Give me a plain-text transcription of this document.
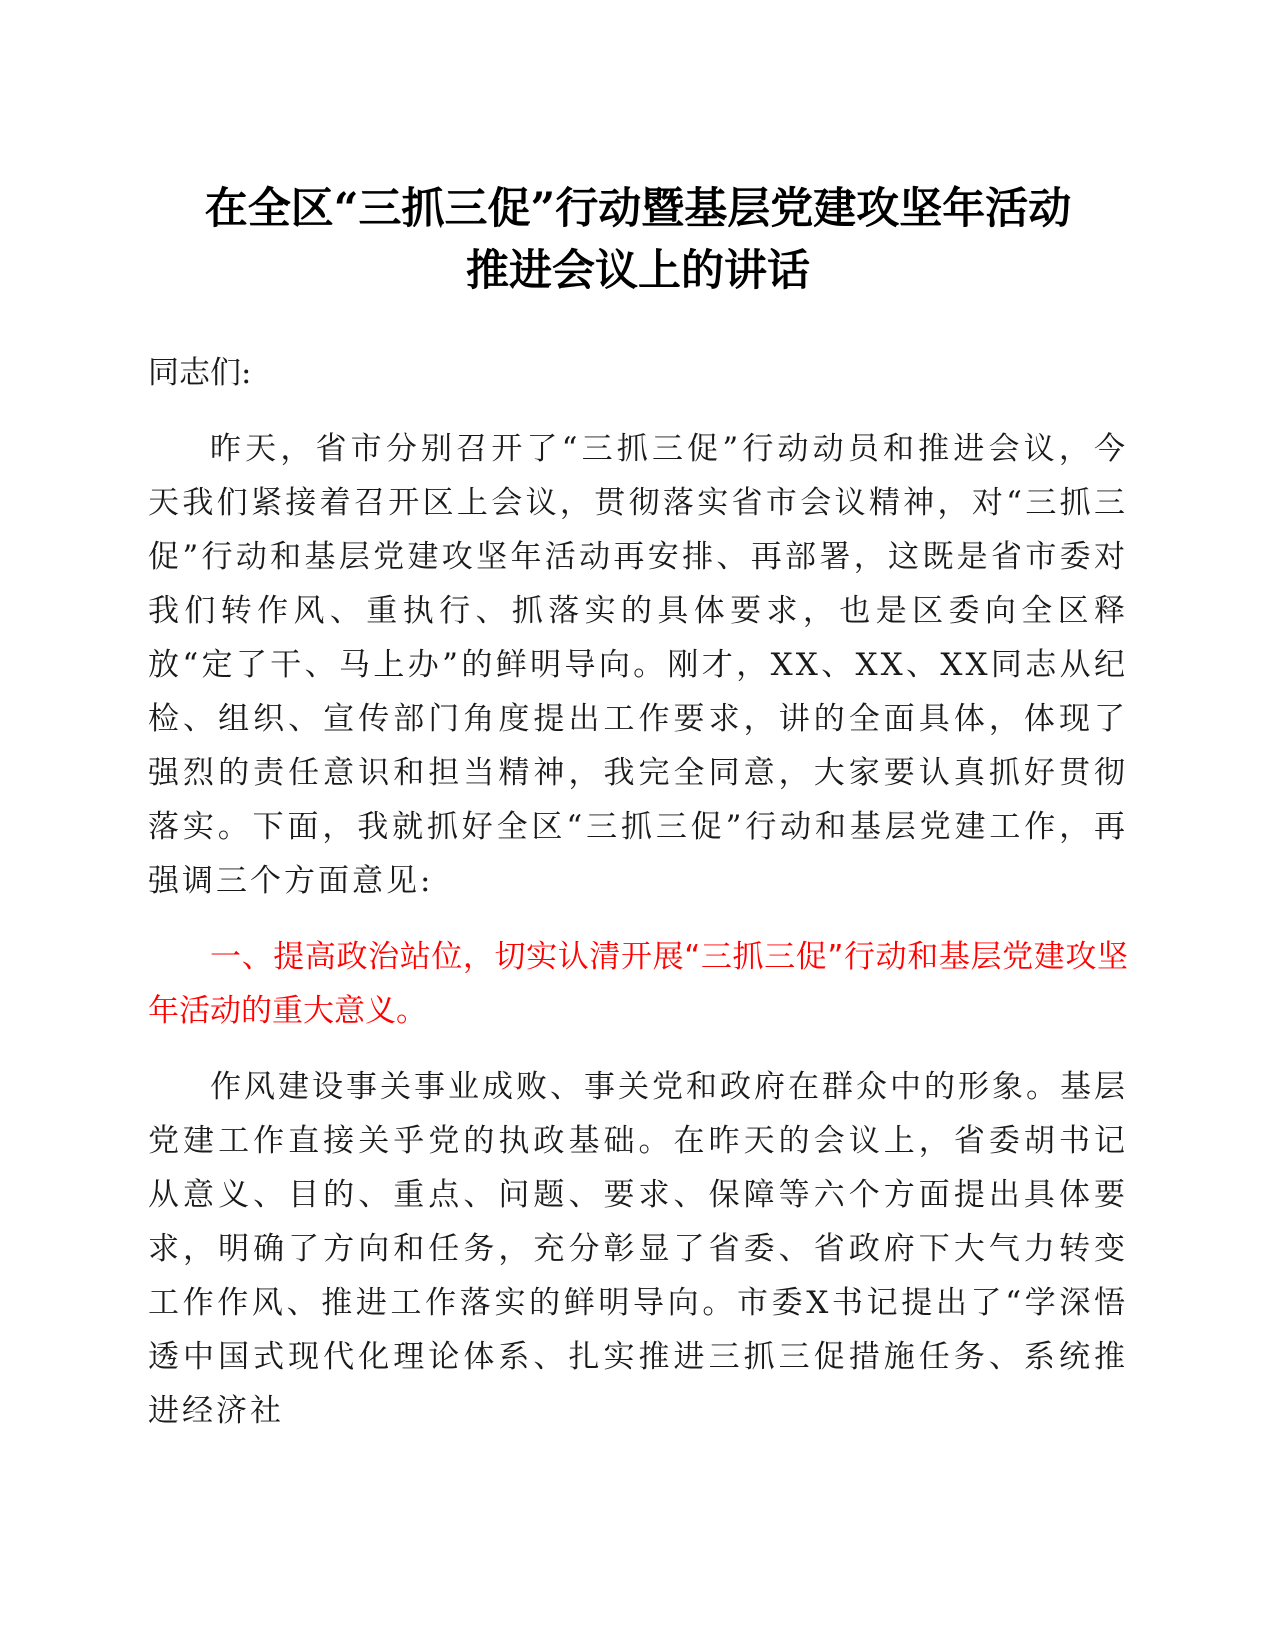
在全区“三抓三促”行动暨基层党建攻坚年活动
推进会议上的讲话

同志们:

昨天，省市分别召开了“三抓三促”行动动员和推进会议，今天我们紧接着召开区上会议，贯彻落实省市会议精神，对“三抓三促”行动和基层党建攻坚年活动再安排、再部署，这既是省市委对我们转作风、重执行、抓落实的具体要求，也是区委向全区释放“定了干、马上办”的鲜明导向。刚才，XX、XX、XX同志从纪检、组织、宣传部门角度提出工作要求，讲的全面具体，体现了强烈的责任意识和担当精神，我完全同意，大家要认真抓好贯彻落实。下面，我就抓好全区“三抓三促”行动和基层党建工作，再强调三个方面意见:

一、提高政治站位，切实认清开展“三抓三促”行动和基层党建攻坚年活动的重大意义。

作风建设事关事业成败、事关党和政府在群众中的形象。基层党建工作直接关乎党的执政基础。在昨天的会议上，省委胡书记从意义、目的、重点、问题、要求、保障等六个方面提出具体要求，明确了方向和任务，充分彰显了省委、省政府下大气力转变工作作风、推进工作落实的鲜明导向。市委X书记提出了“学深悟透中国式现代化理论体系、扎实推进三抓三促措施任务、系统推进经济社
